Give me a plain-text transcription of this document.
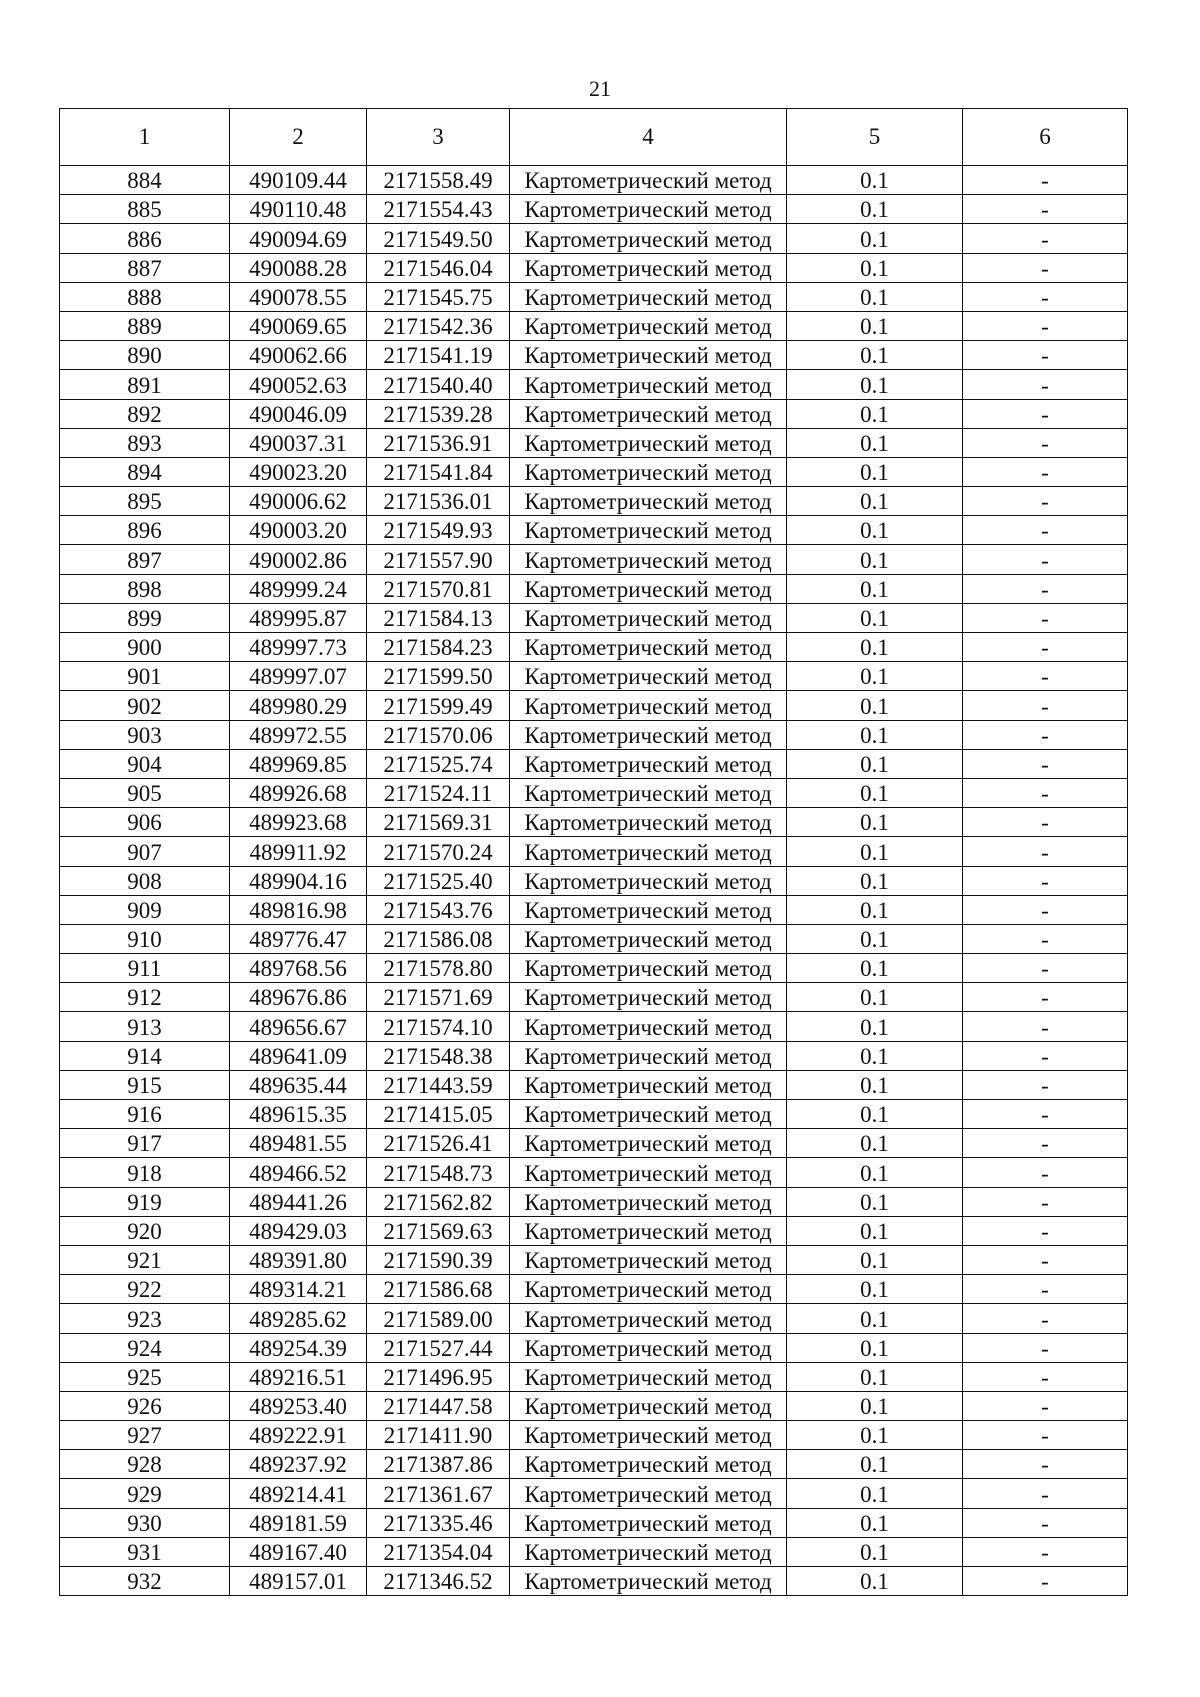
21
1	2	3	4	5	6
884	490109.44	2171558.49	Картометрический метод	0.1	-
885	490110.48	2171554.43	Картометрический метод	0.1	-
886	490094.69	2171549.50	Картометрический метод	0.1	-
887	490088.28	2171546.04	Картометрический метод	0.1	-
888	490078.55	2171545.75	Картометрический метод	0.1	-
889	490069.65	2171542.36	Картометрический метод	0.1	-
890	490062.66	2171541.19	Картометрический метод	0.1	-
891	490052.63	2171540.40	Картометрический метод	0.1	-
892	490046.09	2171539.28	Картометрический метод	0.1	-
893	490037.31	2171536.91	Картометрический метод	0.1	-
894	490023.20	2171541.84	Картометрический метод	0.1	-
895	490006.62	2171536.01	Картометрический метод	0.1	-
896	490003.20	2171549.93	Картометрический метод	0.1	-
897	490002.86	2171557.90	Картометрический метод	0.1	-
898	489999.24	2171570.81	Картометрический метод	0.1	-
899	489995.87	2171584.13	Картометрический метод	0.1	-
900	489997.73	2171584.23	Картометрический метод	0.1	-
901	489997.07	2171599.50	Картометрический метод	0.1	-
902	489980.29	2171599.49	Картометрический метод	0.1	-
903	489972.55	2171570.06	Картометрический метод	0.1	-
904	489969.85	2171525.74	Картометрический метод	0.1	-
905	489926.68	2171524.11	Картометрический метод	0.1	-
906	489923.68	2171569.31	Картометрический метод	0.1	-
907	489911.92	2171570.24	Картометрический метод	0.1	-
908	489904.16	2171525.40	Картометрический метод	0.1	-
909	489816.98	2171543.76	Картометрический метод	0.1	-
910	489776.47	2171586.08	Картометрический метод	0.1	-
911	489768.56	2171578.80	Картометрический метод	0.1	-
912	489676.86	2171571.69	Картометрический метод	0.1	-
913	489656.67	2171574.10	Картометрический метод	0.1	-
914	489641.09	2171548.38	Картометрический метод	0.1	-
915	489635.44	2171443.59	Картометрический метод	0.1	-
916	489615.35	2171415.05	Картометрический метод	0.1	-
917	489481.55	2171526.41	Картометрический метод	0.1	-
918	489466.52	2171548.73	Картометрический метод	0.1	-
919	489441.26	2171562.82	Картометрический метод	0.1	-
920	489429.03	2171569.63	Картометрический метод	0.1	-
921	489391.80	2171590.39	Картометрический метод	0.1	-
922	489314.21	2171586.68	Картометрический метод	0.1	-
923	489285.62	2171589.00	Картометрический метод	0.1	-
924	489254.39	2171527.44	Картометрический метод	0.1	-
925	489216.51	2171496.95	Картометрический метод	0.1	-
926	489253.40	2171447.58	Картометрический метод	0.1	-
927	489222.91	2171411.90	Картометрический метод	0.1	-
928	489237.92	2171387.86	Картометрический метод	0.1	-
929	489214.41	2171361.67	Картометрический метод	0.1	-
930	489181.59	2171335.46	Картометрический метод	0.1	-
931	489167.40	2171354.04	Картометрический метод	0.1	-
932	489157.01	2171346.52	Картометрический метод	0.1	-
